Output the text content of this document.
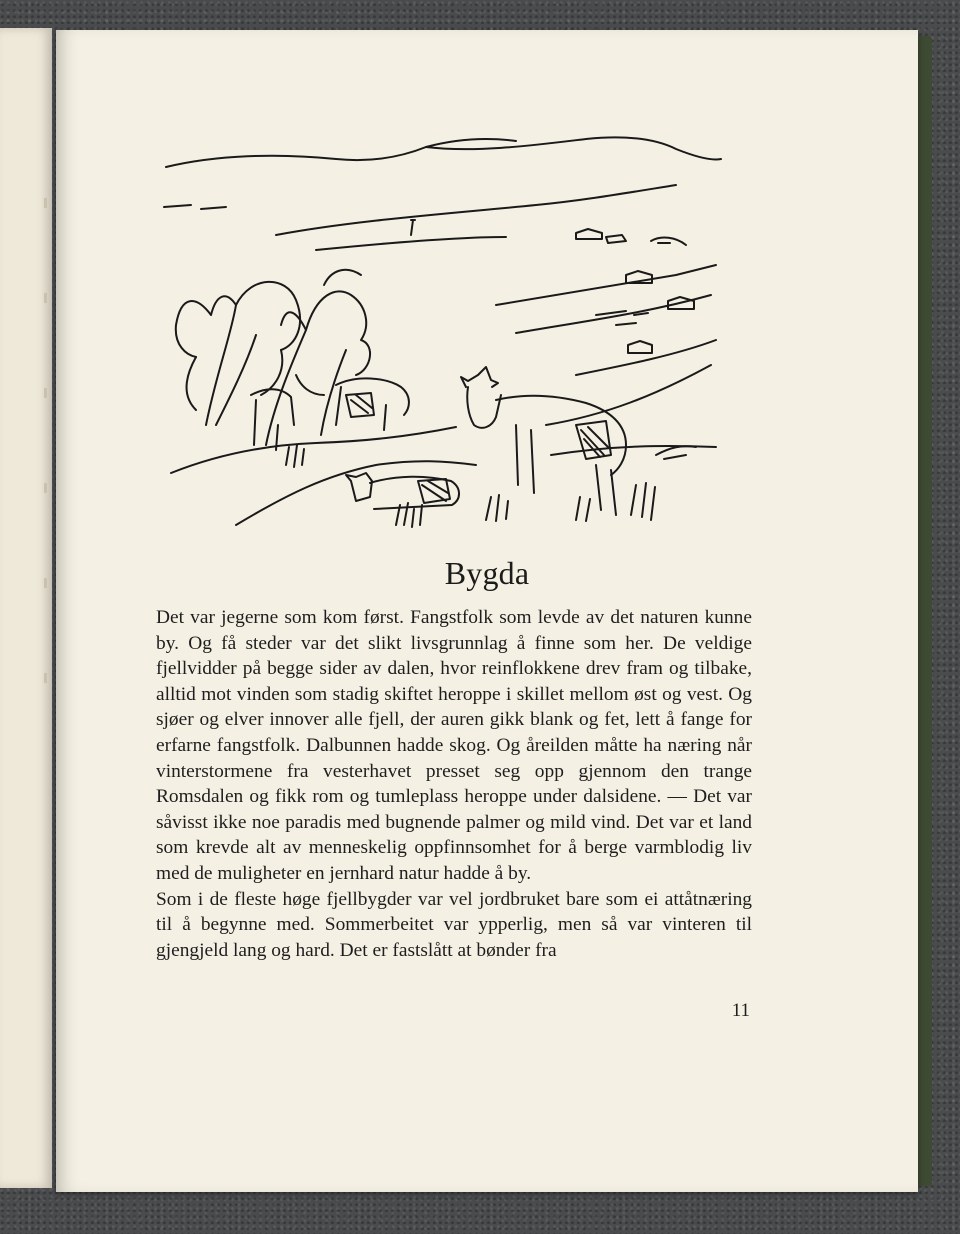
Bygda

Det var jegerne som kom først. Fangstfolk som levde av det naturen kunne by. Og få steder var det slikt livsgrunnlag å finne som her. De veldige fjellvidder på begge sider av dalen, hvor reinflokkene drev fram og tilbake, alltid mot vinden som stadig skiftet heroppe i skillet mellom øst og vest. Og sjøer og elver innover alle fjell, der auren gikk blank og fet, lett å fange for erfarne fangstfolk. Dalbunnen hadde skog. Og åreilden måtte ha næring når vinterstormene fra vesterhavet presset seg opp gjennom den trange Romsdalen og fikk rom og tumleplass heroppe under dalsidene. — Det var såvisst ikke noe paradis med bugnende palmer og mild vind. Det var et land som krevde alt av menneskelig oppfinnsomhet for å berge varmblodig liv med de muligheter en jernhard natur hadde å by.

Som i de fleste høge fjellbygder var vel jordbruket bare som ei attåtnæring til å begynne med. Sommerbeitet var ypperlig, men så var vinteren til gjengjeld lang og hard. Det er fastslått at bønder fra

11
